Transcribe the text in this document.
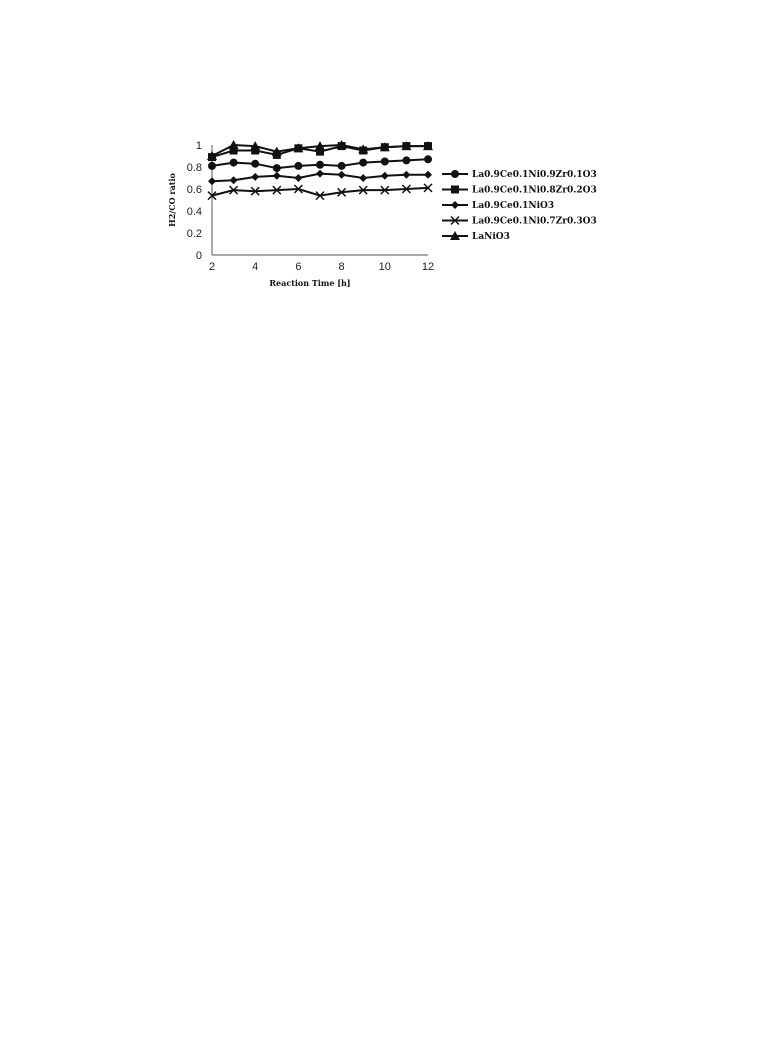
2	4	6	8	10	12
0
0.2
0.4
0.6
0.8
1
Reaction Time [h]
H2/CO ratio	La0.9Ce0.1Ni0.9Zr0.1O3
La0.9Ce0.1Ni0.8Zr0.2O3
La0.9Ce0.1NiO3
La0.9Ce0.1Ni0.7Zr0.3O3
LaNiO3
